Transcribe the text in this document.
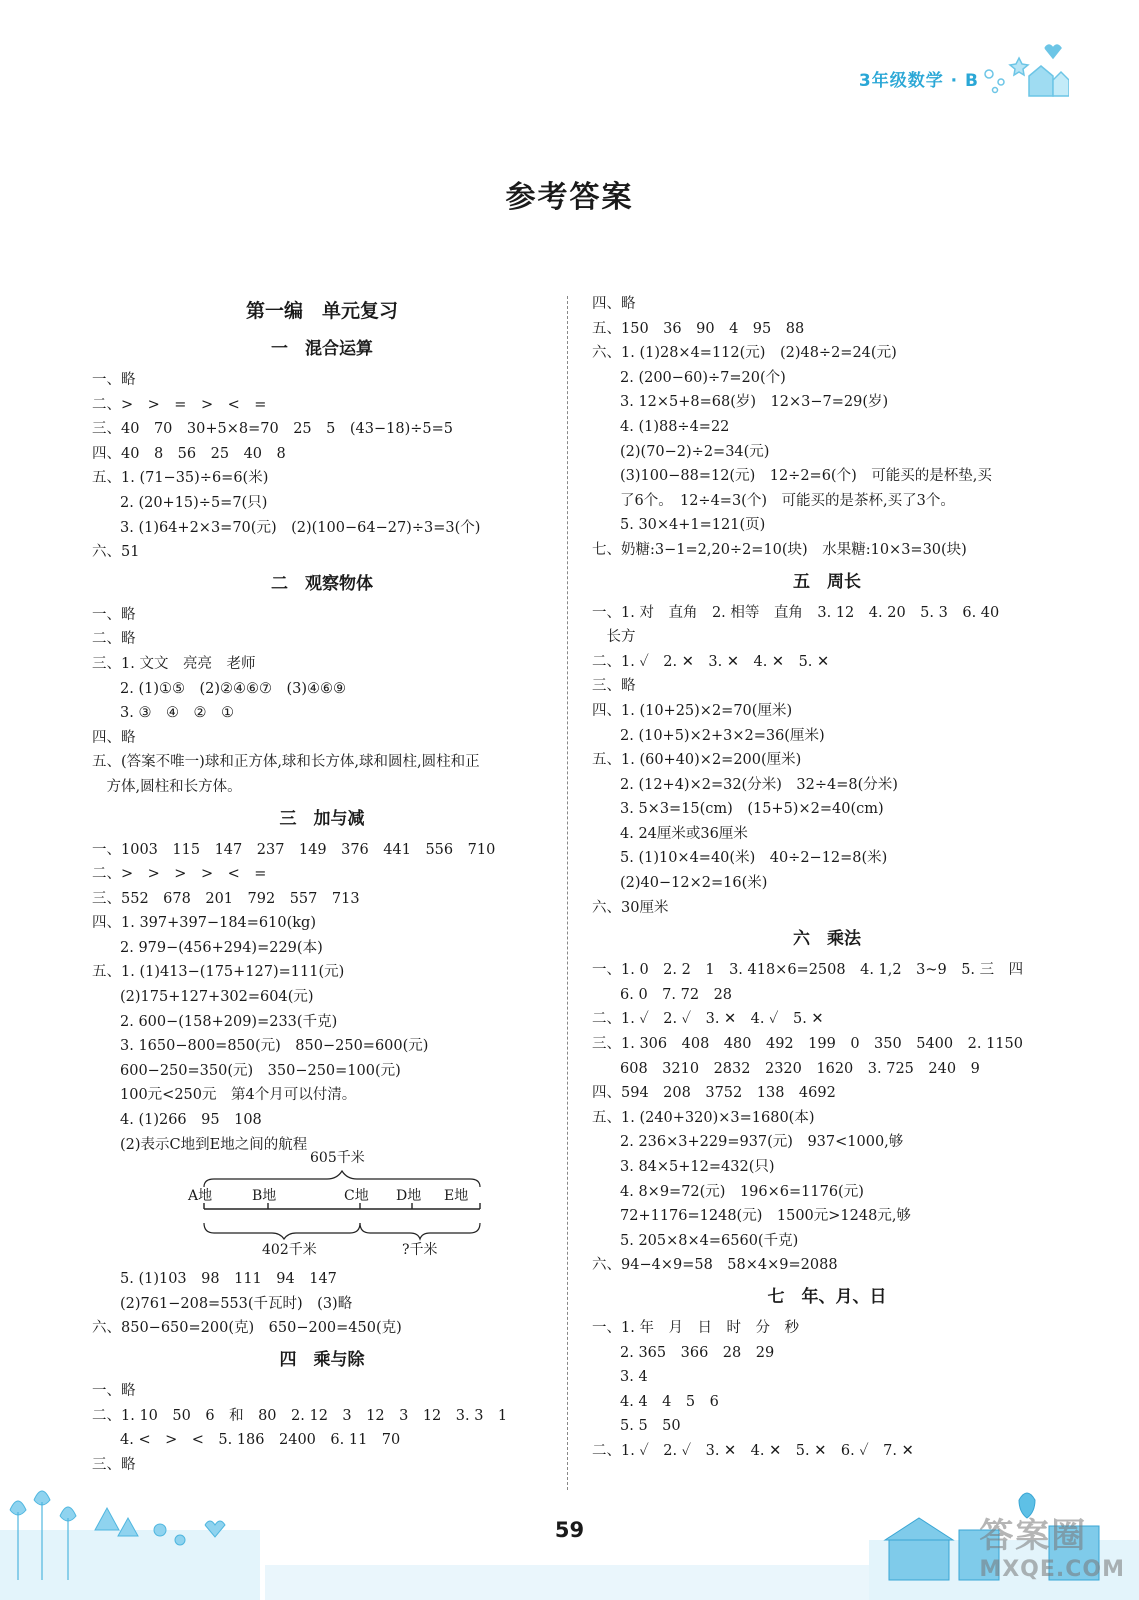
3年级数学 · B
参考答案
第一编　单元复习
一　混合运算
一、略
二、>　>　=　>　<　=
三、40　70　30+5×8=70　25　5　(43−18)÷5=5
四、40　8　56　25　40　8
五、1. (71−35)÷6=6(米)
2. (20+15)÷5=7(只)
3. (1)64+2×3=70(元)　(2)(100−64−27)÷3=3(个)
六、51
二　观察物体
一、略
二、略
三、1. 文文　亮亮　老师
2. (1)①⑤　(2)②④⑥⑦　(3)④⑥⑨
3. ③　④　②　①
四、略
五、(答案不唯一)球和正方体,球和长方体,球和圆柱,圆柱和正
　方体,圆柱和长方体。
三　加与减
一、1003　115　147　237　149　376　441　556　710
二、>　>　>　>　<　=
三、552　678　201　792　557　713
四、1. 397+397−184=610(kg)
2. 979−(456+294)=229(本)
五、1. (1)413−(175+127)=111(元)
(2)175+127+302=604(元)
2. 600−(158+209)=233(千克)
3. 1650−800=850(元)　850−250=600(元)
600−250=350(元)　350−250=100(元)
100元<250元　第4个月可以付清。
4. (1)266　95　108
(2)表示C地到E地之间的航程
605千米
A地	B地	C地 D地 E地
402千米	?千米
5. (1)103　98　111　94　147
(2)761−208=553(千瓦时)　(3)略
六、850−650=200(克)　650−200=450(克)
四　乘与除
一、略
二、1. 10　50　6　和　80　2. 12　3　12　3　12　3. 3　1
4. <　>　<　5. 186　2400　6. 11　70
三、略
四、略
五、150　36　90　4　95　88
六、1. (1)28×4=112(元)　(2)48÷2=24(元)
2. (200−60)÷7=20(个)
3. 12×5+8=68(岁)　12×3−7=29(岁)
4. (1)88÷4=22
(2)(70−2)÷2=34(元)
(3)100−88=12(元)　12÷2=6(个)　可能买的是杯垫,买
了6个。　12÷4=3(个)　可能买的是茶杯,买了3个。
5. 30×4+1=121(页)
七、奶糖:3−1=2,20÷2=10(块)　水果糖:10×3=30(块)
五　周长
一、1. 对　直角　2. 相等　直角　3. 12　4. 20　5. 3　6. 40
　长方
二、1. ✓　2. ✕　3. ✕　4. ✕　5. ✕
三、略
四、1. (10+25)×2=70(厘米)
2. (10+5)×2+3×2=36(厘米)
五、1. (60+40)×2=200(厘米)
2. (12+4)×2=32(分米)　32÷4=8(分米)
3. 5×3=15(cm)　(15+5)×2=40(cm)
4. 24厘米或36厘米
5. (1)10×4=40(米)　40÷2−12=8(米)
(2)40−12×2=16(米)
六、30厘米
六　乘法
一、1. 0　2. 2　1　3. 418×6=2508　4. 1,2　3~9　5. 三　四
6. 0　7. 72　28
二、1. ✓　2. ✓　3. ✕　4. ✓　5. ✕
三、1. 306　408　480　492　199　0　350　5400　2. 1150
608　3210　2832　2320　1620　3. 725　240　9
四、594　208　3752　138　4692
五、1. (240+320)×3=1680(本)
2. 236×3+229=937(元)　937<1000,够
3. 84×5+12=432(只)
4. 8×9=72(元)　196×6=1176(元)
72+1176=1248(元)　1500元>1248元,够
5. 205×8×4=6560(千克)
六、94−4×9=58　58×4×9=2088
七　年、月、日
一、1. 年　月　日　时　分　秒
2. 365　366　28　29
3. 4
4. 4　4　5　6
5. 5　50
二、1. ✓　2. ✓　3. ✕　4. ✕　5. ✕　6. ✓　7. ✕
59	答案圈
MXQE.COM
